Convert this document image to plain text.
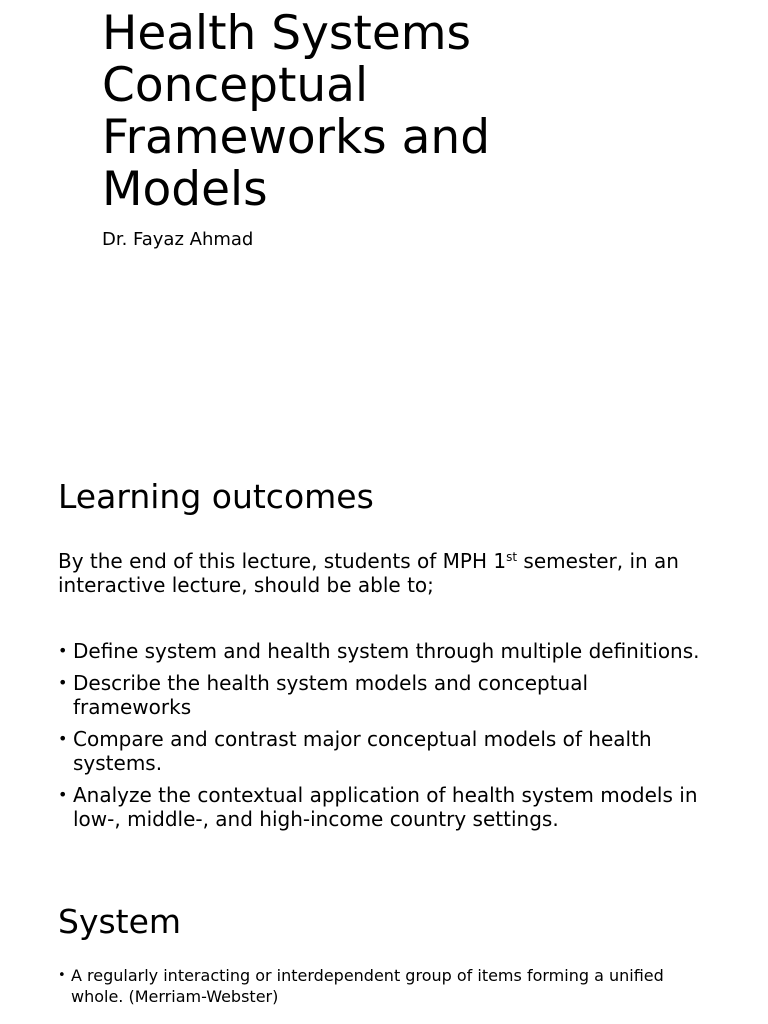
Health Systems Conceptual Frameworks and Models

Dr. Fayaz Ahmad

Learning outcomes

By the end of this lecture, students of MPH 1st semester, in an interactive lecture, should be able to;

• Define system and health system through multiple definitions.
• Describe the health system models and conceptual frameworks
• Compare and contrast major conceptual models of health systems.
• Analyze the contextual application of health system models in low-, middle-, and high-income country settings.
System
• A regularly interacting or interdependent group of items forming a unified whole. (Merriam-Webster)
